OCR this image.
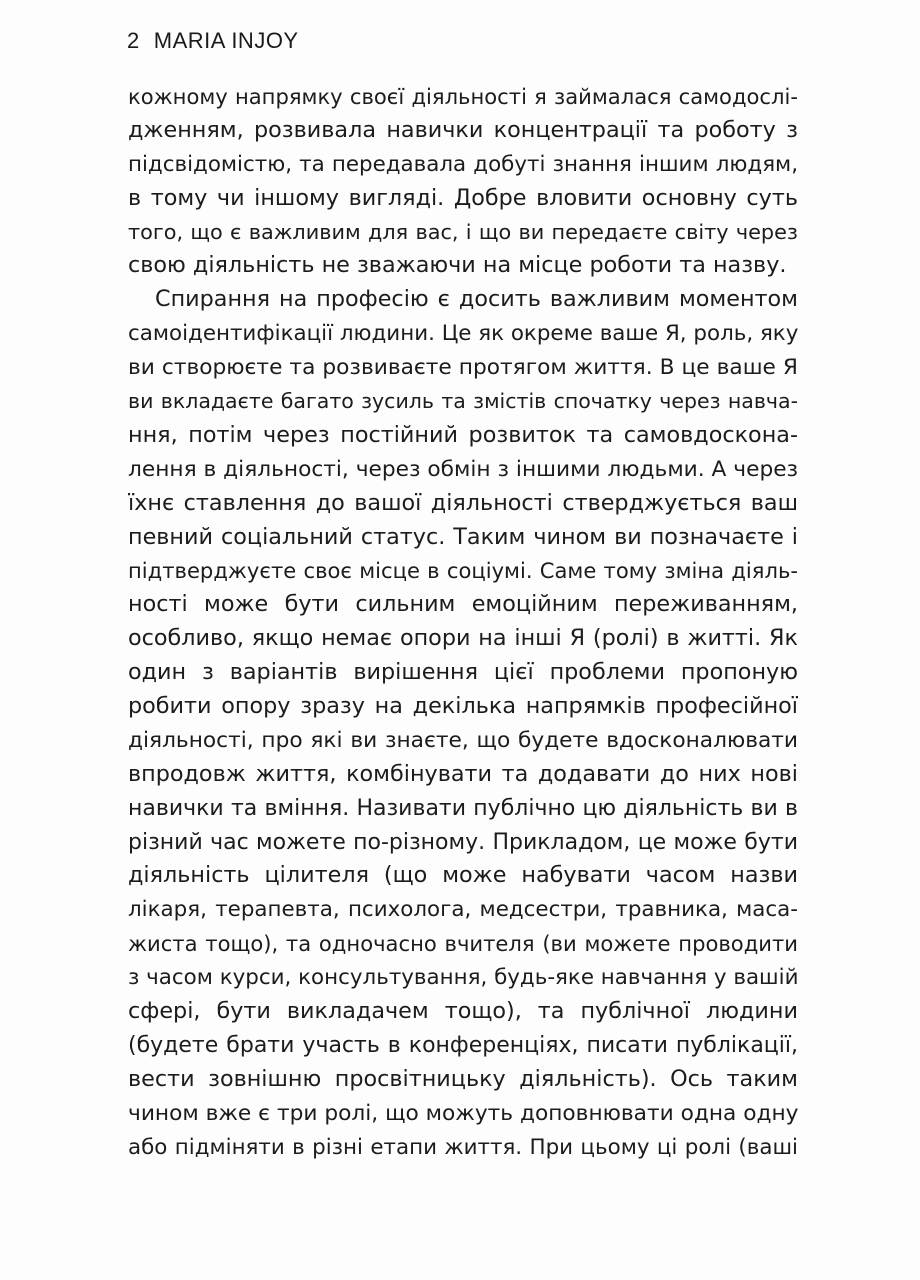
2 MARIA INJOY
кожному напрямку своєї діяльності я займалася самодослі-
дженням, розвивала навички концентрації та роботу з
підсвідомістю, та передавала добуті знання іншим людям,
в тому чи іншому вигляді. Добре вловити основну суть
того, що є важливим для вас, і що ви передаєте світу через
свою діяльність не зважаючи на місце роботи та назву.
Спирання на професію є досить важливим моментом
самоідентифікації людини. Це як окреме ваше Я, роль, яку
ви створюєте та розвиваєте протягом життя. В це ваше Я
ви вкладаєте багато зусиль та змістів спочатку через навча-
ння, потім через постійний розвиток та самовдоскона-
лення в діяльності, через обмін з іншими людьми. А через
їхнє ставлення до вашої діяльності стверджується ваш
певний соціальний статус. Таким чином ви позначаєте і
підтверджуєте своє місце в соціумі. Саме тому зміна діяль-
ності може бути сильним емоційним переживанням,
особливо, якщо немає опори на інші Я (ролі) в житті. Як
один з варіантів вирішення цієї проблеми пропоную
робити опору зразу на декілька напрямків професійної
діяльності, про які ви знаєте, що будете вдосконалювати
впродовж життя, комбінувати та додавати до них нові
навички та вміння. Називати публічно цю діяльність ви в
різний час можете по-різному. Прикладом, це може бути
діяльність цілителя (що може набувати часом назви
лікаря, терапевта, психолога, медсестри, травника, маса-
жиста тощо), та одночасно вчителя (ви можете проводити
з часом курси, консультування, будь-яке навчання у вашій
сфері, бути викладачем тощо), та публічної людини
(будете брати участь в конференціях, писати публікації,
вести зовнішню просвітницьку діяльність). Ось таким
чином вже є три ролі, що можуть доповнювати одна одну
або підміняти в різні етапи життя. При цьому ці ролі (ваші
